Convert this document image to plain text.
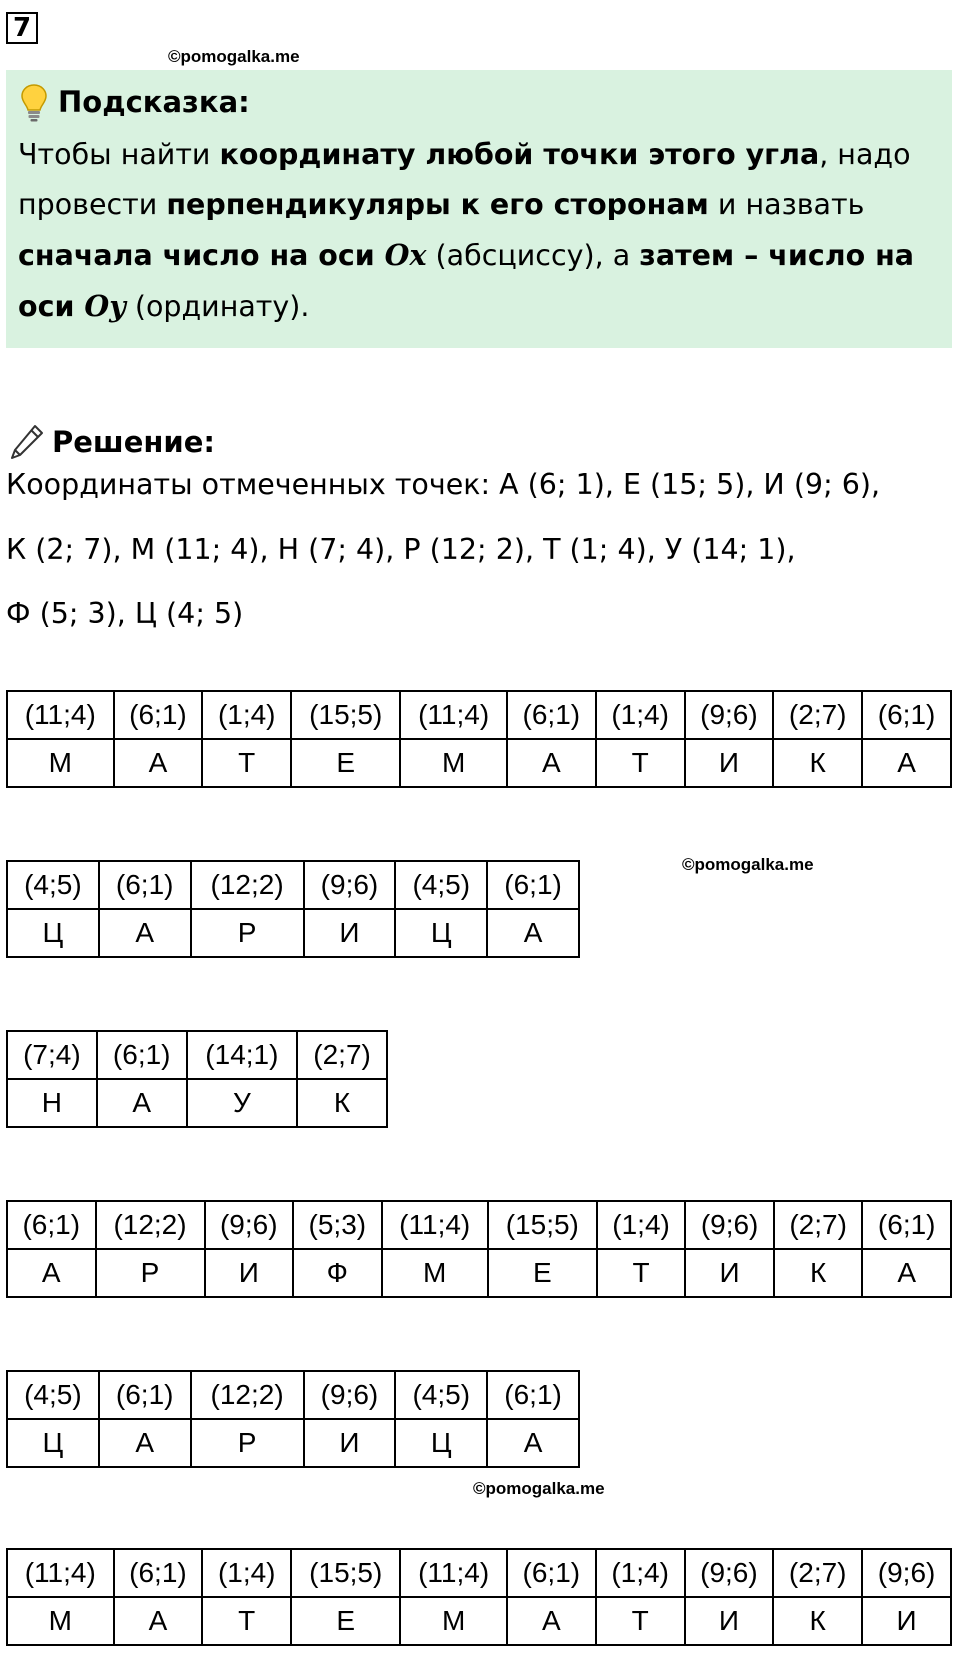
7
©pomogalka.me
Подсказка:
Чтобы найти координату любой точки этого угла, надо
провести перпендикуляры к его сторонам и назвать
сначала число на оси Ox (абсциссу), а затем – число на
оси Oy (ординату).
Решение:
Координаты отмеченных точек: А (6; 1), Е (15; 5), И (9; 6),
К (2; 7), М (11; 4), Н (7; 4), Р (12; 2), Т (1; 4), У (14; 1),
Ф (5; 3), Ц (4; 5)
(11;4)	(6;1)	(1;4)	(15;5)	(11;4)	(6;1)	(1;4)	(9;6)	(2;7)	(6;1)
М	А	Т	Е	М	А	Т	И	К	А
©pomogalka.me
(4;5)	(6;1)	(12;2)	(9;6)	(4;5)	(6;1)
Ц	А	Р	И	Ц	А
(7;4)	(6;1)	(14;1)	(2;7)
Н	А	У	К
(6;1)	(12;2)	(9;6)	(5;3)	(11;4)	(15;5)	(1;4)	(9;6)	(2;7)	(6;1)
А	Р	И	Ф	М	Е	Т	И	К	А
(4;5)	(6;1)	(12;2)	(9;6)	(4;5)	(6;1)
Ц	А	Р	И	Ц	А
©pomogalka.me
(11;4)	(6;1)	(1;4)	(15;5)	(11;4)	(6;1)	(1;4)	(9;6)	(2;7)	(9;6)
М	А	Т	Е	М	А	Т	И	К	И
